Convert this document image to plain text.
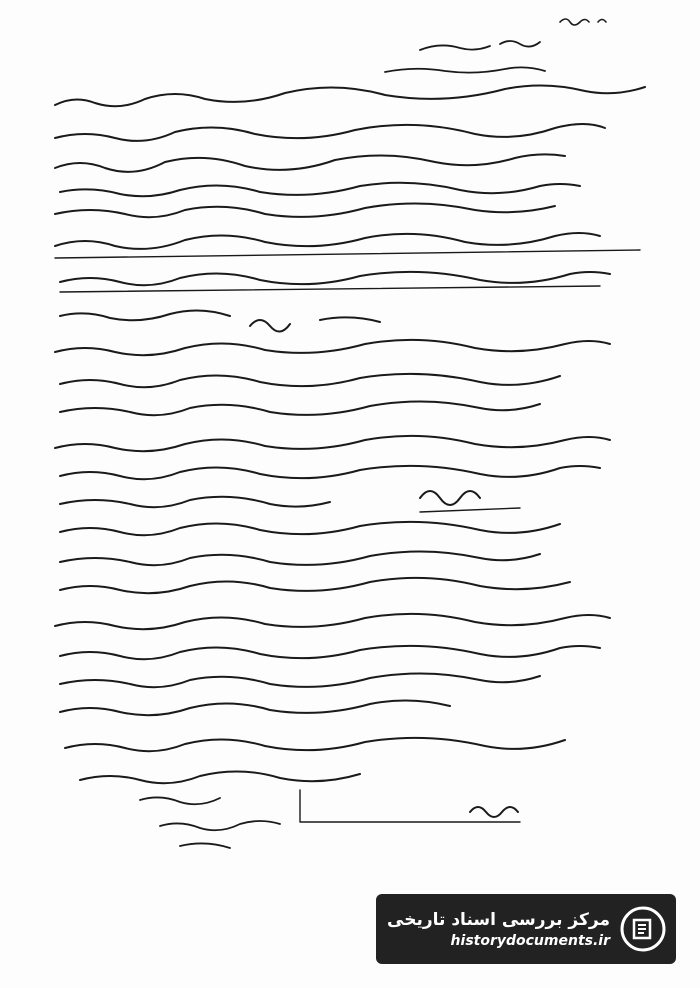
مرکز بررسی اسناد تاریخی
historydocuments.ir
